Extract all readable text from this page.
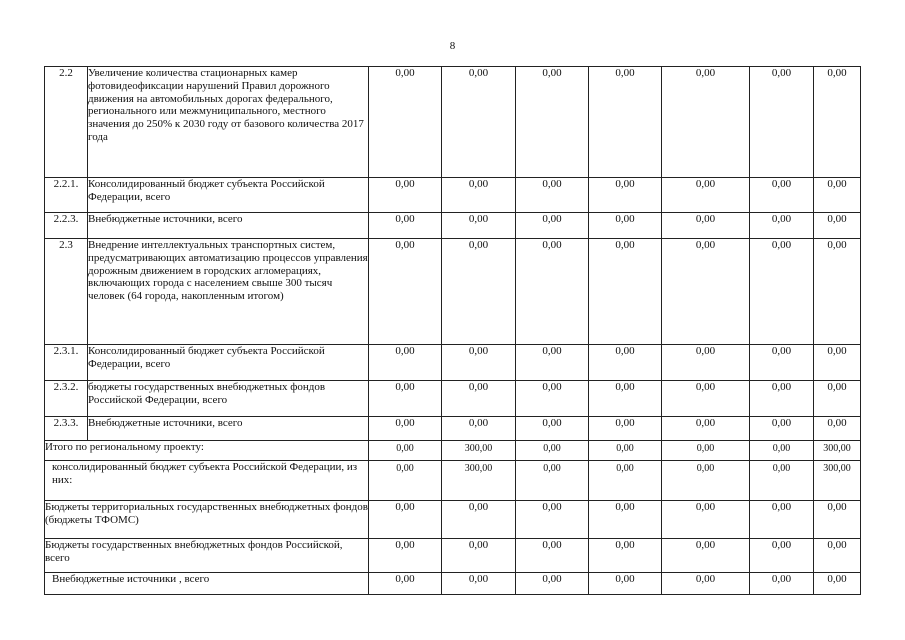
8
2.2	Увеличение количества стационарных камер фотовидеофиксации нарушений Правил дорожного движения на автомобильных дорогах федерального, регионального или межмуниципального, местного значения до 250% к 2030 году от базового количества 2017 года	0,00	0,00	0,00	0,00	0,00	0,00	0,00
2.2.1.	Консолидированный бюджет субъекта Российской Федерации, всего	0,00	0,00	0,00	0,00	0,00	0,00	0,00
2.2.3.	Внебюджетные источники, всего	0,00	0,00	0,00	0,00	0,00	0,00	0,00
2.3	Внедрение интеллектуальных транспортных систем, предусматривающих автоматизацию процессов управления дорожным движением в городских агломерациях, включающих города с населением свыше 300 тысяч человек (64 города, накопленным итогом)	0,00	0,00	0,00	0,00	0,00	0,00	0,00
2.3.1.	Консолидированный бюджет субъекта Российской Федерации, всего	0,00	0,00	0,00	0,00	0,00	0,00	0,00
2.3.2.	бюджеты государственных внебюджетных фондов Российской Федерации, всего	0,00	0,00	0,00	0,00	0,00	0,00	0,00
2.3.3.	Внебюджетные источники, всего	0,00	0,00	0,00	0,00	0,00	0,00	0,00
Итого по региональному проекту:		0,00	300,00	0,00	0,00	0,00	0,00	300,00
консолидированный бюджет субъекта Российской Федерации, из них:		0,00	300,00	0,00	0,00	0,00	0,00	300,00
Бюджеты территориальных государственных внебюджетных фондов (бюджеты ТФОМС)		0,00	0,00	0,00	0,00	0,00	0,00	0,00
Бюджеты государственных внебюджетных фондов Российской, всего		0,00	0,00	0,00	0,00	0,00	0,00	0,00
Внебюджетные источники , всего		0,00	0,00	0,00	0,00	0,00	0,00	0,00
